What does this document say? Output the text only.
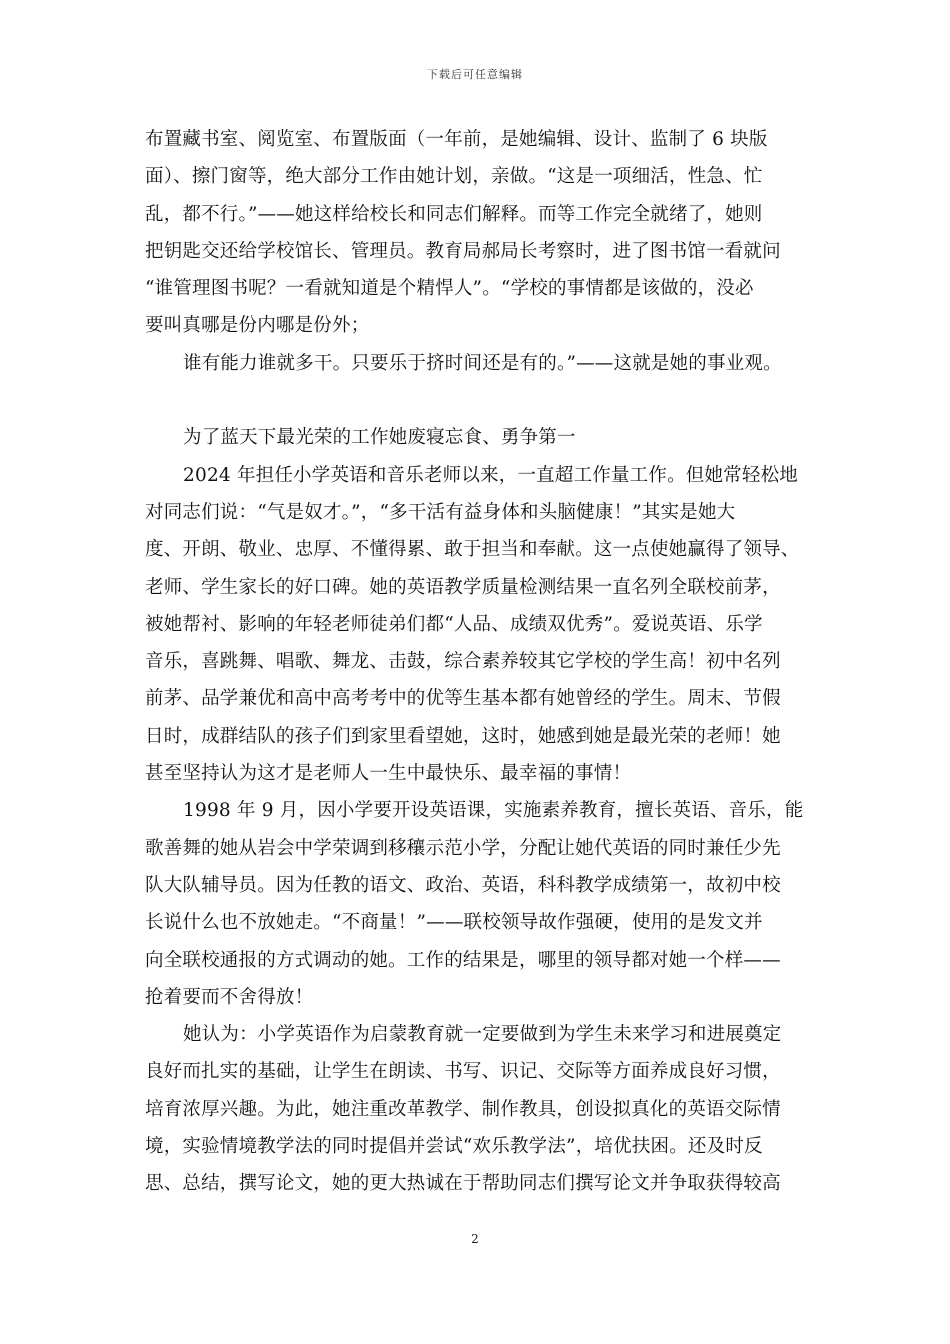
下载后可任意编辑
布置藏书室、阅览室、布置版面（一年前，是她编辑、设计、监制了 6 块版
面）、擦门窗等，绝大部分工作由她计划，亲做。“这是一项细活，性急、忙
乱，都不行。”——她这样给校长和同志们解释。而等工作完全就绪了，她则
把钥匙交还给学校馆长、管理员。教育局郝局长考察时，进了图书馆一看就问
“谁管理图书呢？一看就知道是个精悍人”。“学校的事情都是该做的，没必
要叫真哪是份内哪是份外；
谁有能力谁就多干。只要乐于挤时间还是有的。”——这就是她的事业观。
为了蓝天下最光荣的工作她废寝忘食、勇争第一
2024 年担任小学英语和音乐老师以来，一直超工作量工作。但她常轻松地
对同志们说：“气是奴才。”，“多干活有益身体和头脑健康！”其实是她大
度、开朗、敬业、忠厚、不懂得累、敢于担当和奉献。这一点使她赢得了领导、
老师、学生家长的好口碑。她的英语教学质量检测结果一直名列全联校前茅，
被她帮衬、影响的年轻老师徒弟们都“人品、成绩双优秀”。爱说英语、乐学
音乐，喜跳舞、唱歌、舞龙、击鼓，综合素养较其它学校的学生高！初中名列
前茅、品学兼优和高中高考考中的优等生基本都有她曾经的学生。周末、节假
日时，成群结队的孩子们到家里看望她，这时，她感到她是最光荣的老师！她
甚至坚持认为这才是老师人一生中最快乐、最幸福的事情！
1998 年 9 月，因小学要开设英语课，实施素养教育，擅长英语、音乐，能
歌善舞的她从岩会中学荣调到移穰示范小学，分配让她代英语的同时兼任少先
队大队辅导员。因为任教的语文、政治、英语，科科教学成绩第一，故初中校
长说什么也不放她走。“不商量！”——联校领导故作强硬，使用的是发文并
向全联校通报的方式调动的她。工作的结果是，哪里的领导都对她一个样——
抢着要而不舍得放！
她认为：小学英语作为启蒙教育就一定要做到为学生未来学习和进展奠定
良好而扎实的基础，让学生在朗读、书写、识记、交际等方面养成良好习惯，
培育浓厚兴趣。为此，她注重改革教学、制作教具，创设拟真化的英语交际情
境，实验情境教学法的同时提倡并尝试“欢乐教学法”，培优扶困。还及时反
思、总结，撰写论文，她的更大热诚在于帮助同志们撰写论文并争取获得较高
2
